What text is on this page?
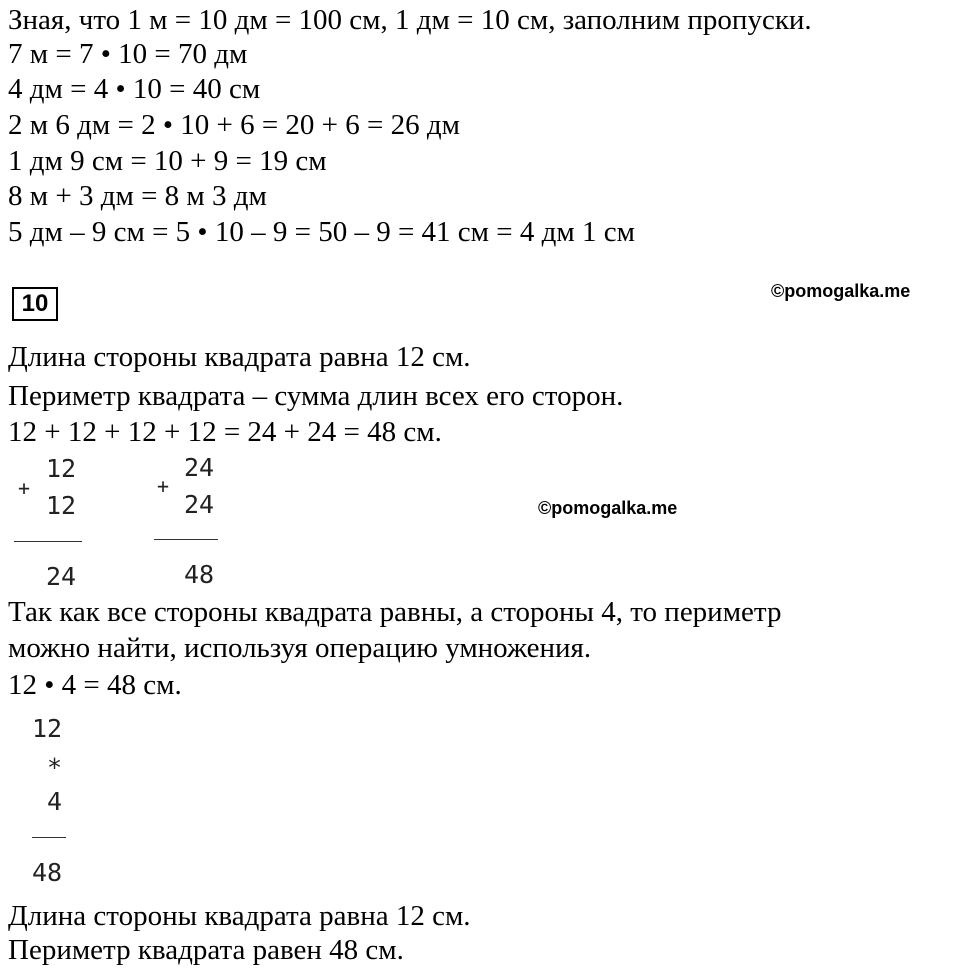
Зная, что 1 м = 10 дм = 100 см, 1 дм = 10 см, заполним пропуски.
7 м = 7 • 10 = 70 дм
4 дм = 4 • 10 = 40 см
2 м 6 дм = 2 • 10 + 6 = 20 + 6 = 26 дм
1 дм 9 см = 10 + 9 = 19 см
8 м + 3 дм = 8 м 3 дм
5 дм – 9 см = 5 • 10 – 9 = 50 – 9 = 41 см = 4 дм 1 см
10	©pomogalka.me
Длина стороны квадрата равна 12 см.
Периметр квадрата – сумма длин всех его сторон.
12 + 12 + 12 + 12 = 24 + 24 = 48 см.
+
12
12
24
+
24
24
48
©pomogalka.me
Так как все стороны квадрата равны, а стороны 4, то периметр
можно найти, используя операцию умножения.
12 • 4 = 48 см.
12
*
4
48
Длина стороны квадрата равна 12 см.
Периметр квадрата равен 48 см.
